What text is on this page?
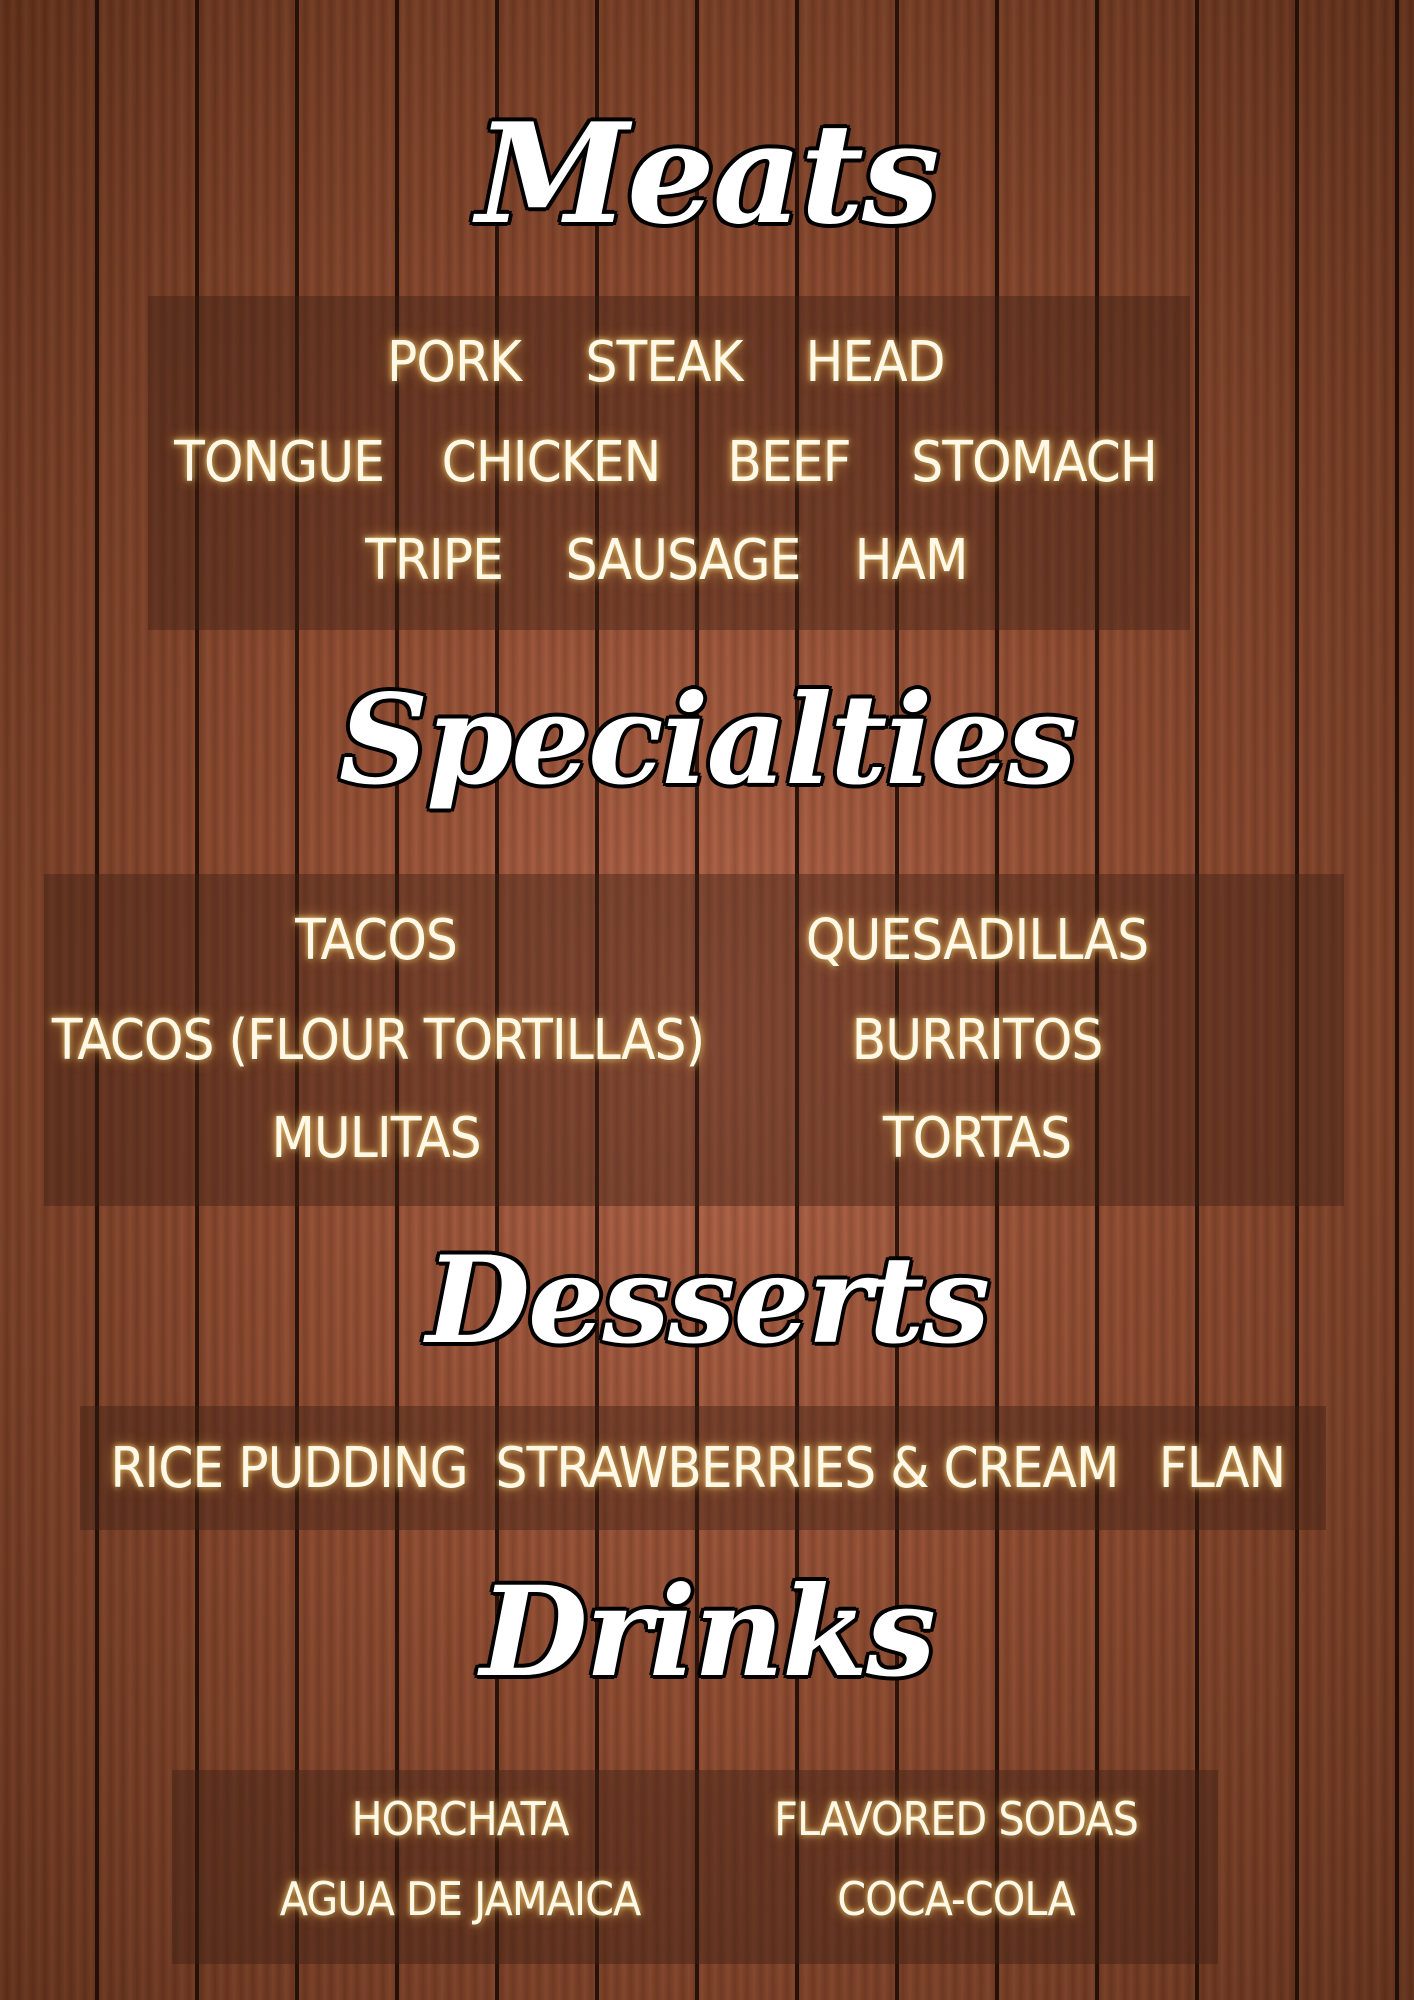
Meats
PORK STEAK HEAD
TONGUE CHICKEN BEEF STOMACH
TRIPE SAUSAGE HAM
Specialties
TACOS	QUESADILLAS
TACOS (FLOUR TORTILLAS)	BURRITOS
MULITAS	TORTAS
Desserts
RICE PUDDING STRAWBERRIES & CREAM FLAN
Drinks
HORCHATA	FLAVORED SODAS
AGUA DE JAMAICA	COCA-COLA
